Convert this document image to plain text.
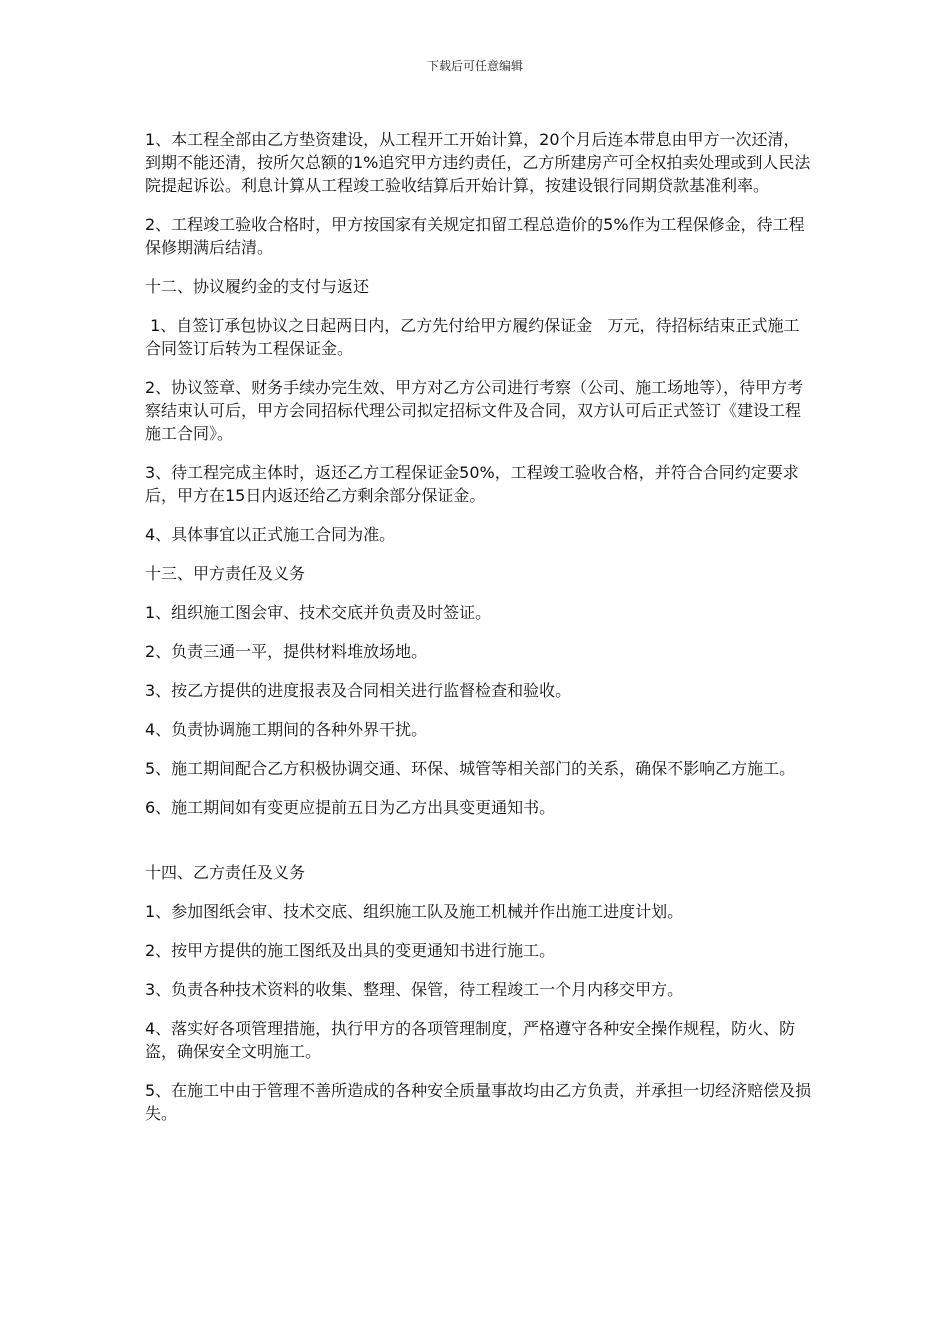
下载后可任意编辑

1、本工程全部由乙方垫资建设，从工程开工开始计算，20个月后连本带息由甲方一次还清，到期不能还清，按所欠总额的1%追究甲方违约责任，乙方所建房产可全权拍卖处理或到人民法院提起诉讼。利息计算从工程竣工验收结算后开始计算，按建设银行同期贷款基准利率。

2、工程竣工验收合格时，甲方按国家有关规定扣留工程总造价的5%作为工程保修金，待工程保修期满后结清。

十二、协议履约金的支付与返还

1、自签订承包协议之日起两日内，乙方先付给甲方履约保证金   万元，待招标结束正式施工合同签订后转为工程保证金。

2、协议签章、财务手续办完生效、甲方对乙方公司进行考察（公司、施工场地等），待甲方考察结束认可后，甲方会同招标代理公司拟定招标文件及合同，双方认可后正式签订《建设工程施工合同》。

3、待工程完成主体时，返还乙方工程保证金50%，工程竣工验收合格，并符合合同约定要求后，甲方在15日内返还给乙方剩余部分保证金。

4、具体事宜以正式施工合同为准。

十三、甲方责任及义务

1、组织施工图会审、技术交底并负责及时签证。

2、负责三通一平，提供材料堆放场地。

3、按乙方提供的进度报表及合同相关进行监督检查和验收。

4、负责协调施工期间的各种外界干扰。

5、施工期间配合乙方积极协调交通、环保、城管等相关部门的关系，确保不影响乙方施工。

6、施工期间如有变更应提前五日为乙方出具变更通知书。

十四、乙方责任及义务

1、参加图纸会审、技术交底、组织施工队及施工机械并作出施工进度计划。

2、按甲方提供的施工图纸及出具的变更通知书进行施工。

3、负责各种技术资料的收集、整理、保管，待工程竣工一个月内移交甲方。

4、落实好各项管理措施，执行甲方的各项管理制度，严格遵守各种安全操作规程，防火、防盗，确保安全文明施工。

5、在施工中由于管理不善所造成的各种安全质量事故均由乙方负责，并承担一切经济赔偿及损失。
